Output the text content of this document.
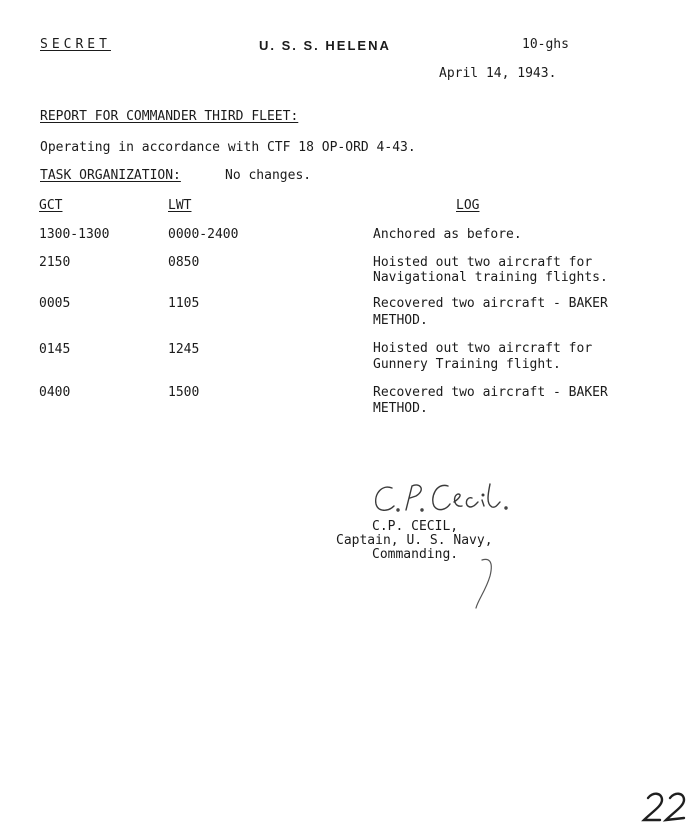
SECRET	U. S. S. HELENA	10-ghs
April 14, 1943.
REPORT FOR COMMANDER THIRD FLEET:
Operating in accordance with CTF 18 OP-ORD 4-43.
TASK ORGANIZATION:	No changes.
GCT	LWT	LOG
1300-1300	0000-2400	Anchored as before.
2150	0850	Hoisted out two aircraft for
Navigational training flights.
0005	1105	Recovered two aircraft - BAKER
METHOD.
0145	1245	Hoisted out two aircraft for
Gunnery Training flight.
0400	1500	Recovered two aircraft - BAKER
METHOD.
C.P. CECIL,
Captain, U. S. Navy,
Commanding.
